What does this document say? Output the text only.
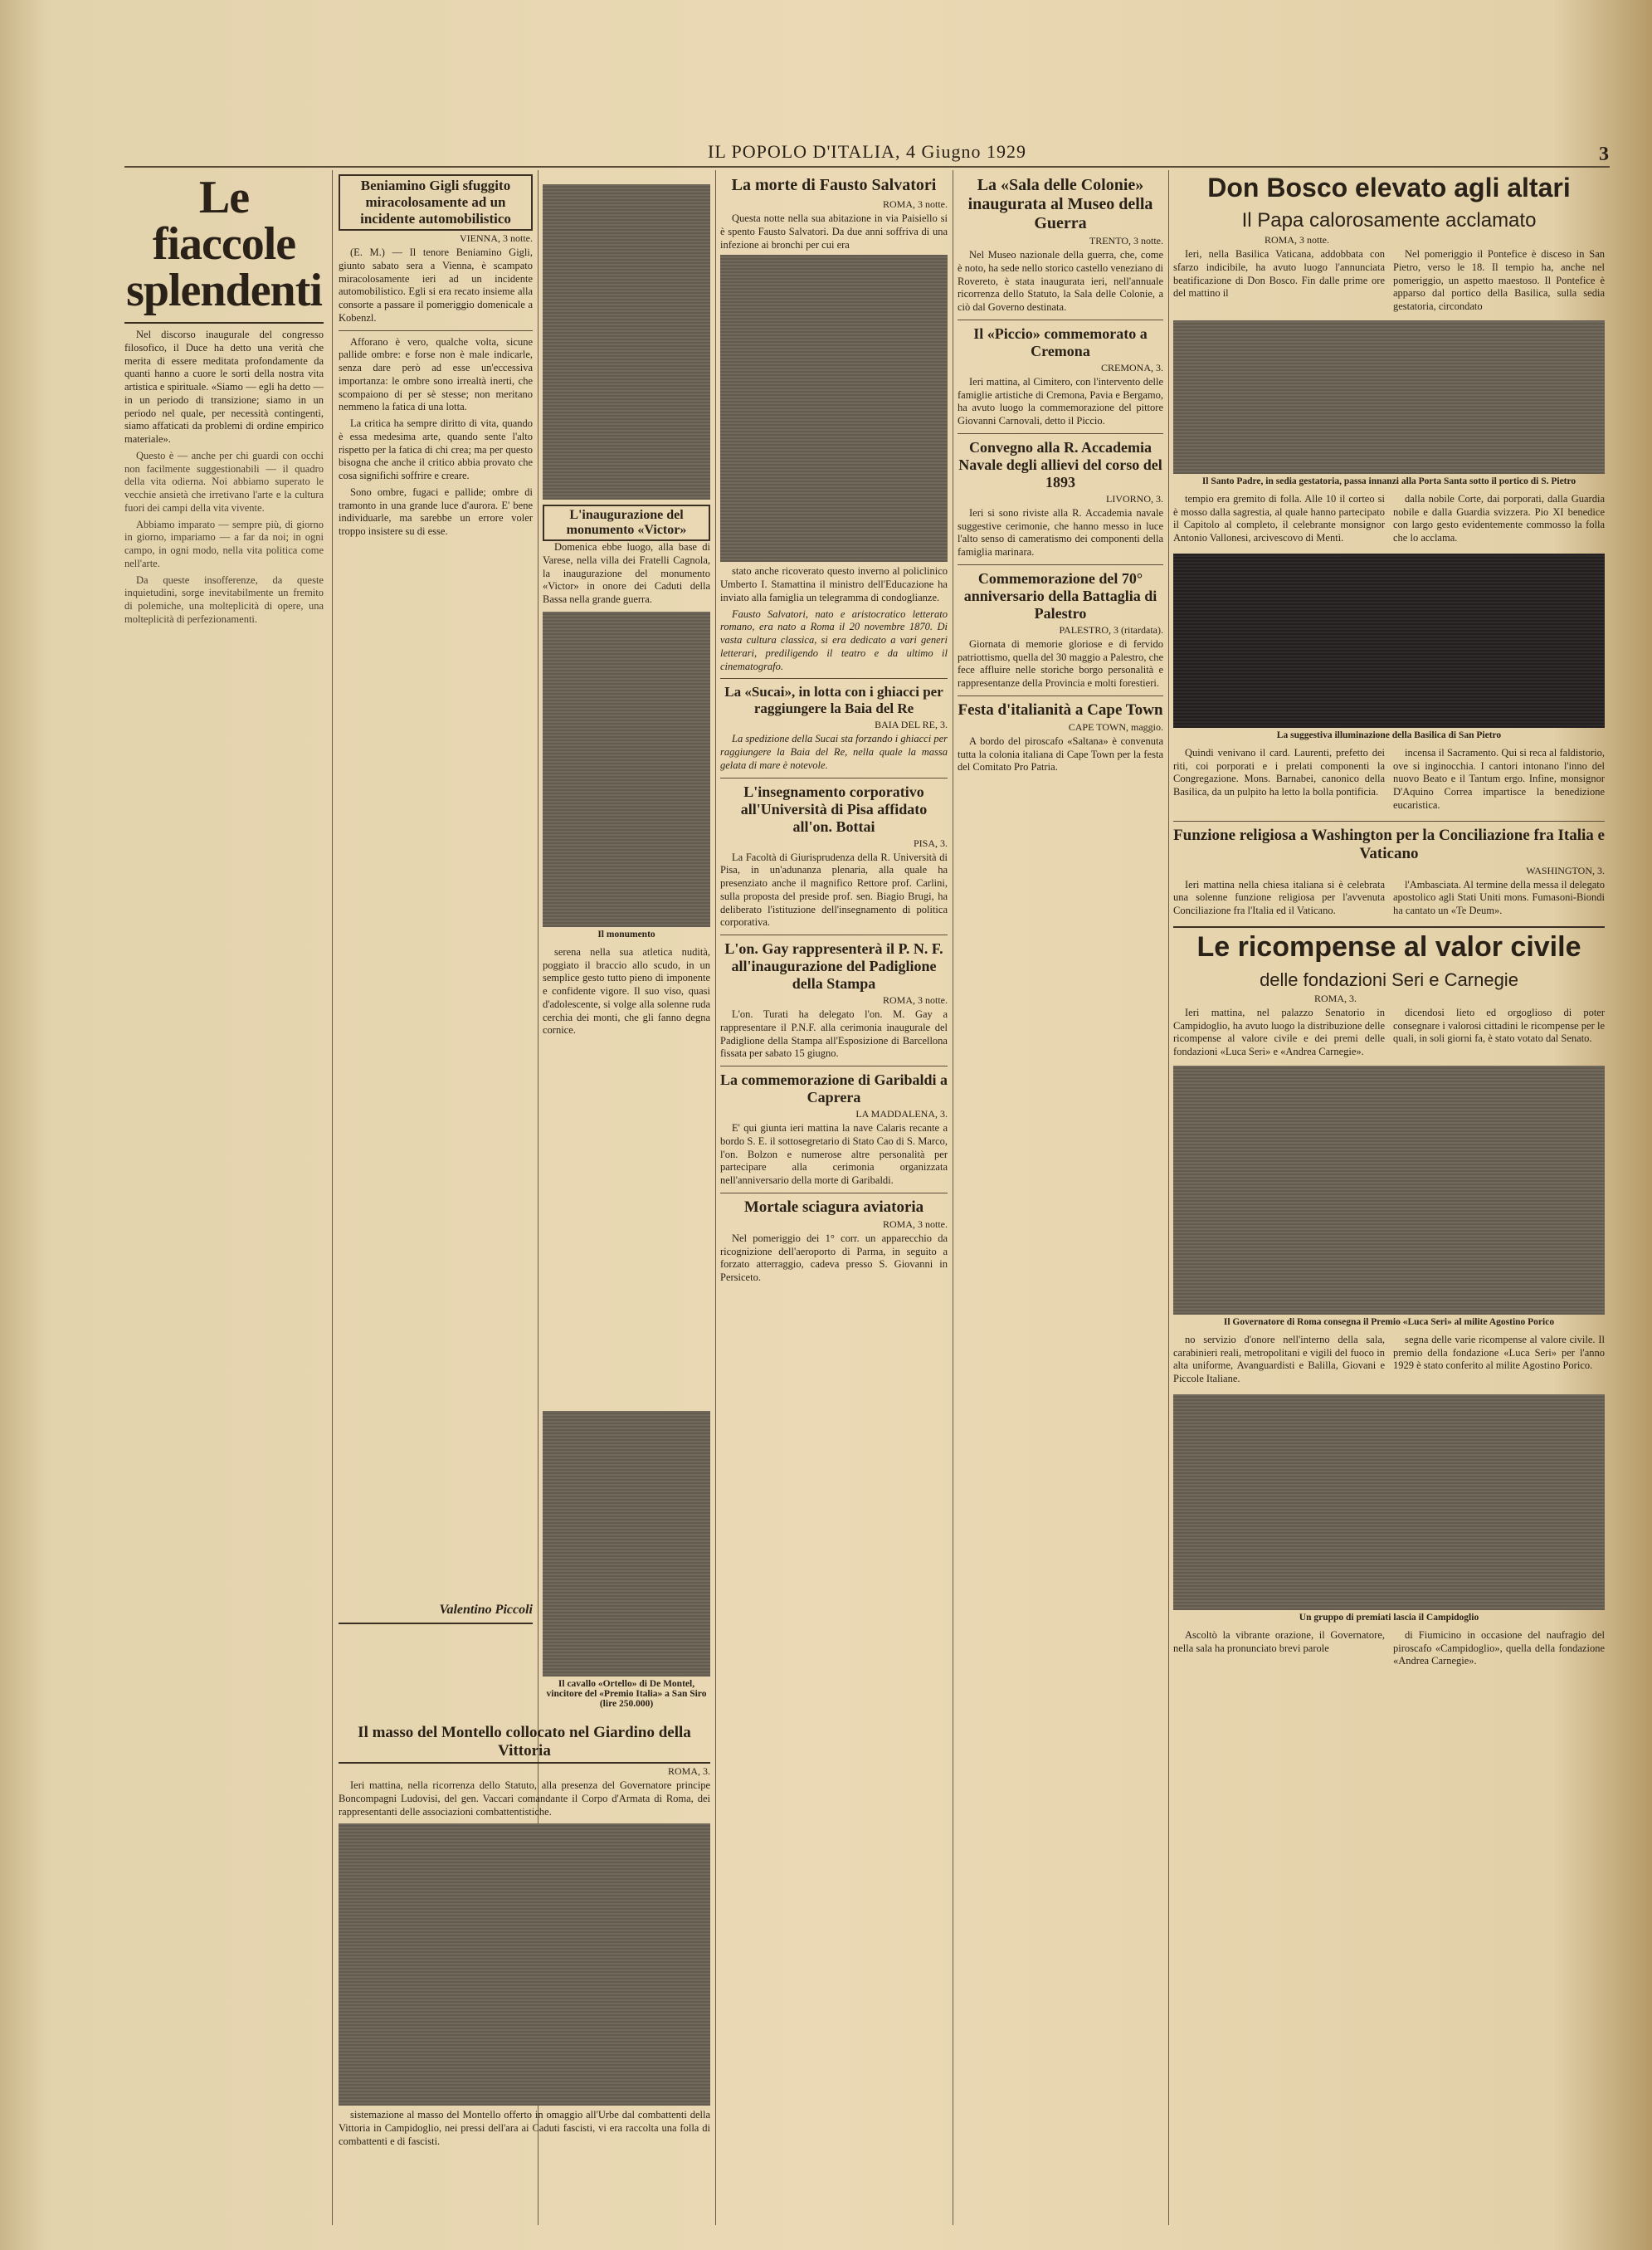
IL POPOLO D'ITALIA, 4 Giugno 1929	3
Le fiaccole splendenti

Nel discorso inaugurale del congresso filosofico, il Duce ha detto una verità che merita di essere meditata profondamente da quanti hanno a cuore le sorti della nostra vita artistica e spirituale. «Siamo — egli ha detto — in un periodo di transizione; siamo in un periodo nel quale, per necessità contingenti, siamo affaticati da problemi di ordine empirico materiale».

Questo è — anche per chi guardi con occhi non facilmente suggestionabili — il quadro della vita odierna. Noi abbiamo superato le vecchie ansietà che irretivano l'arte e la cultura fuori dei campi della vita vivente.

Abbiamo imparato — sempre più, di giorno in giorno, impariamo — a far da noi; in ogni campo, in ogni modo, nella vita politica come nell'arte.

Da queste insofferenze, da queste inquietudini, sorge inevitabilmente un fremito di polemiche, una molteplicità di opere, una molteplicità di perfezionamenti.

Beniamino Gigli sfuggito miracolosamente ad un incidente automobilistico
VIENNA, 3 notte.

(E. M.) — Il tenore Beniamino Gigli, giunto sabato sera a Vienna, è scampato miracolosamente ieri ad un incidente automobilistico. Egli si era recato insieme alla consorte a passare il pomeriggio domenicale a Kobenzl.

Afforano è vero, qualche volta, sicune pallide ombre: e forse non è male indicarle, senza dare però ad esse un'eccessiva importanza: le ombre sono irrealtà inerti, che scompaiono di per sè stesse; non meritano nemmeno la fatica di una lotta.

La critica ha sempre diritto di vita, quando è essa medesima arte, quando sente l'alto rispetto per la fatica di chi crea; ma per questo bisogna che anche il critico abbia provato che cosa significhi soffrire e creare.

Sono ombre, fugaci e pallide; ombre di tramonto in una grande luce d'aurora. E' bene individuarle, ma sarebbe un errore voler troppo insistere su di esse.

Valentino Piccoli
Il masso del Montello collocato nel Giardino della Vittoria
ROMA, 3.

Ieri mattina, nella ricorrenza dello Statuto, alla presenza del Governatore principe Boncompagni Ludovisi, del gen. Vaccari comandante il Corpo d'Armata di Roma, dei rappresentanti delle associazioni combattentistiche.

sistemazione al masso del Montello offerto in omaggio all'Urbe dal combattenti della Vittoria in Campidoglio, nei pressi dell'ara ai Caduti fascisti, vi era raccolta una folla di combattenti e di fascisti.

L'inaugurazione del monumento «Victor»

Domenica ebbe luogo, alla base di Varese, nella villa dei Fratelli Cagnola, la inaugurazione del monumento «Victor» in onore dei Caduti della Bassa nella grande guerra.

Il monumento

serena nella sua atletica nudità, poggiato il braccio allo scudo, in un semplice gesto tutto pieno di imponente e confidente vigore. Il suo viso, quasi d'adolescente, si volge alla solenne ruda cerchia dei monti, che gli fanno degna cornice.

Il cavallo «Ortello» di De Montel, vincitore del «Premio Italia» a San Siro (lire 250.000)
La morte di Fausto Salvatori
ROMA, 3 notte.

Questa notte nella sua abitazione in via Paisiello si è spento Fausto Salvatori. Da due anni soffriva di una infezione ai bronchi per cui era

stato anche ricoverato questo inverno al policlinico Umberto I. Stamattina il ministro dell'Educazione ha inviato alla famiglia un telegramma di condoglianze.

Fausto Salvatori, nato e aristocratico letterato romano, era nato a Roma il 20 novembre 1870. Di vasta cultura classica, si era dedicato a vari generi letterari, prediligendo il teatro e da ultimo il cinematografo.

La «Sucai», in lotta con i ghiacci per raggiungere la Baia del Re
BAIA DEL RE, 3.

La spedizione della Sucai sta forzando i ghiacci per raggiungere la Baia del Re, nella quale la massa gelata di mare è notevole.

L'insegnamento corporativo all'Università di Pisa affidato all'on. Bottai
PISA, 3.

La Facoltà di Giurisprudenza della R. Università di Pisa, in un'adunanza plenaria, alla quale ha presenziato anche il magnifico Rettore prof. Carlini, sulla proposta del preside prof. sen. Biagio Brugi, ha deliberato l'istituzione dell'insegnamento di politica corporativa.

L'on. Gay rappresenterà il P. N. F. all'inaugurazione del Padiglione della Stampa
ROMA, 3 notte.

L'on. Turati ha delegato l'on. M. Gay a rappresentare il P.N.F. alla cerimonia inaugurale del Padiglione della Stampa all'Esposizione di Barcellona fissata per sabato 15 giugno.

La commemorazione di Garibaldi a Caprera
LA MADDALENA, 3.

E' qui giunta ieri mattina la nave Calaris recante a bordo S. E. il sottosegretario di Stato Cao di S. Marco, l'on. Bolzon e numerose altre personalità per partecipare alla cerimonia organizzata nell'anniversario della morte di Garibaldi.

Mortale sciagura aviatoria
ROMA, 3 notte.

Nel pomeriggio dei 1° corr. un apparecchio da ricognizione dell'aeroporto di Parma, in seguito a forzato atterraggio, cadeva presso S. Giovanni in Persiceto.

La «Sala delle Colonie» inaugurata al Museo della Guerra
TRENTO, 3 notte.

Nel Museo nazionale della guerra, che, come è noto, ha sede nello storico castello veneziano di Rovereto, è stata inaugurata ieri, nell'annuale ricorrenza dello Statuto, la Sala delle Colonie, a ciò dal Governo destinata.

Il «Piccio» commemorato a Cremona
CREMONA, 3.

Ieri mattina, al Cimitero, con l'intervento delle famiglie artistiche di Cremona, Pavia e Bergamo, ha avuto luogo la commemorazione del pittore Giovanni Carnovali, detto il Piccio.

Convegno alla R. Accademia Navale degli allievi del corso del 1893
LIVORNO, 3.

Ieri si sono riviste alla R. Accademia navale suggestive cerimonie, che hanno messo in luce l'alto senso di cameratismo dei componenti della famiglia marinara.

Commemorazione del 70° anniversario della Battaglia di Palestro
PALESTRO, 3 (ritardata).

Giornata di memorie gloriose e di fervido patriottismo, quella del 30 maggio a Palestro, che fece affluire nelle storiche borgo personalità e rappresentanze della Provincia e molti forestieri.

Festa d'italianità a Cape Town
CAPE TOWN, maggio.

A bordo del piroscafo «Saltana» è convenuta tutta la colonia italiana di Cape Town per la festa del Comitato Pro Patria.

Don Bosco elevato agli altari
Il Papa calorosamente acclamato
ROMA, 3 notte.

Ieri, nella Basilica Vaticana, addobbata con sfarzo indicibile, ha avuto luogo l'annunciata beatificazione di Don Bosco. Fin dalle prime ore del mattino il

Nel pomeriggio il Pontefice è disceso in San Pietro, verso le 18. Il tempio ha, anche nel pomeriggio, un aspetto maestoso. Il Pontefice è apparso dal portico della Basilica, sulla sedia gestatoria, circondato

Il Santo Padre, in sedia gestatoria, passa innanzi alla Porta Santa sotto il portico di S. Pietro

tempio era gremito di folla. Alle 10 il corteo si è mosso dalla sagrestia, al quale hanno partecipato il Capitolo al completo, il celebrante monsignor Antonio Vallonesi, arcivescovo di Mentì.

dalla nobile Corte, dai porporati, dalla Guardia nobile e dalla Guardia svizzera. Pio XI benedice con largo gesto evidentemente commosso la folla che lo acclama.

La suggestiva illuminazione della Basilica di San Pietro

Quindi venivano il card. Laurenti, prefetto dei riti, coi porporati e i prelati componenti la Congregazione. Mons. Barnabei, canonico della Basilica, da un pulpito ha letto la bolla pontificia.

incensa il Sacramento. Qui si reca al faldistorio, ove si inginocchia. I cantori intonano l'inno del nuovo Beato e il Tantum ergo. Infine, monsignor D'Aquino Correa impartisce la benedizione eucaristica.

Funzione religiosa a Washington per la Conciliazione fra Italia e Vaticano
WASHINGTON, 3.

Ieri mattina nella chiesa italiana si è celebrata una solenne funzione religiosa per l'avvenuta Conciliazione fra l'Italia ed il Vaticano.

l'Ambasciata. Al termine della messa il delegato apostolico agli Stati Uniti mons. Fumasoni-Biondi ha cantato un «Te Deum».

Le ricompense al valor civile
delle fondazioni Seri e Carnegie
ROMA, 3.

Ieri mattina, nel palazzo Senatorio in Campidoglio, ha avuto luogo la distribuzione delle ricompense al valore civile e dei premi delle fondazioni «Luca Seri» e «Andrea Carnegie».

dicendosi lieto ed orgoglioso di poter consegnare i valorosi cittadini le ricompense per le quali, in soli giorni fa, è stato votato dal Senato.

Il Governatore di Roma consegna il Premio «Luca Seri» al milite Agostino Porico

no servizio d'onore nell'interno della sala, carabinieri reali, metropolitani e vigili del fuoco in alta uniforme, Avanguardisti e Balilla, Giovani e Piccole Italiane.

segna delle varie ricompense al valore civile. Il premio della fondazione «Luca Seri» per l'anno 1929 è stato conferito al milite Agostino Porico.

Un gruppo di premiati lascia il Campidoglio

Ascoltò la vibrante orazione, il Governatore, nella sala ha pronunciato brevi parole

di Fiumicino in occasione del naufragio del piroscafo «Campidoglio», quella della fondazione «Andrea Carnegie».
